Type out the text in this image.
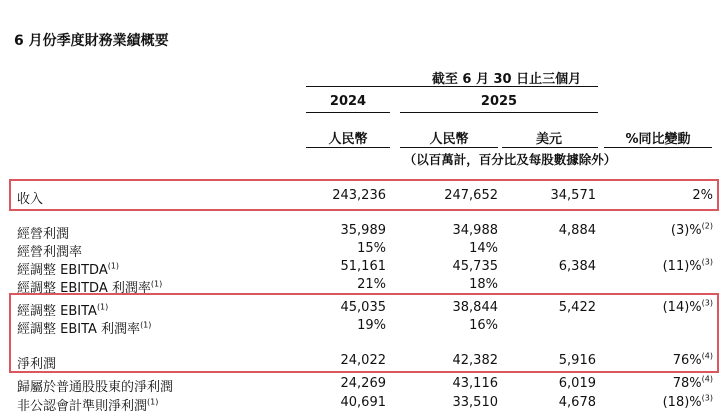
6 月份季度財務業績概要
截至 6 月 30 日止三個月
2024	2025
人民幣	人民幣	美元	%同比變動
（以百萬計，百分比及每股數據除外）
收入	243,236	247,652	34,571	2%
經營利潤	35,989	34,988	4,884	(3)%$^{(2)}$
經營利潤率	15%	14%
經調整 EBITDA$^{(1)}$	51,161	45,735	6,384	(11)%$^{(3)}$
經調整 EBITDA 利潤率$^{(1)}$	21%	18%
經調整 EBITA$^{(1)}$	45,035	38,844	5,422	(14)%$^{(3)}$
經調整 EBITA 利潤率$^{(1)}$	19%	16%
淨利潤	24,022	42,382	5,916	76%$^{(4)}$
歸屬於普通股股東的淨利潤	24,269	43,116	6,019	78%$^{(4)}$
非公認會計準則淨利潤$^{(1)}$	40,691	33,510	4,678	(18)%$^{(3)}$
